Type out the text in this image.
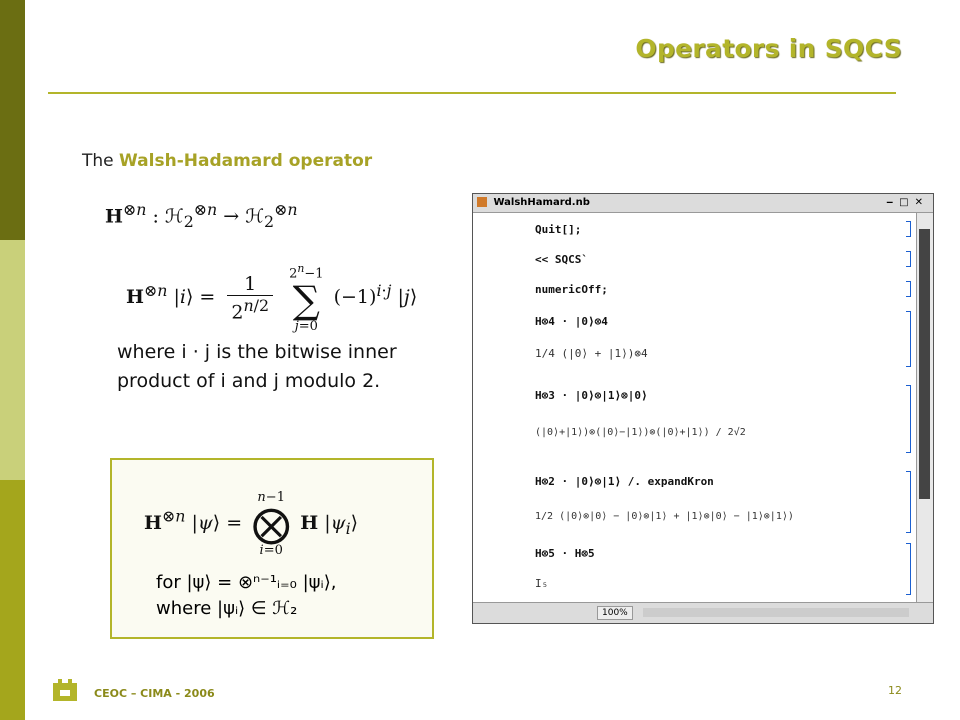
Operators in SQCS
The Walsh-Hadamard operator
$H^{\otimes n}$ : ℋ$_2^{\otimes n}$ → ℋ$_2^{\otimes n}$
$H^{\otimes n}$ |i⟩ = $\frac{1}{2^{n/2}}$
$2^n-1$
∑
j=0
$(-1)^{i\cdot j}$ |j⟩
where i · j is the bitwise inner
product of i and j modulo 2.
$H^{\otimes n}$ |ψ⟩ =
n−1
⨂
i=0
H $|\psi_i⟩$
for |ψ⟩ = ⊗ⁿ⁻¹ᵢ₌₀ |ψᵢ⟩,
where |ψᵢ⟩ ∈ ℋ₂
WalshHamard.nb	‒□✕
Quit[];
<< SQCS`
numericOff;
H⊗4 · |0⟩⊗4
1/4 (|0⟩ + |1⟩)⊗4
H⊗3 · |0⟩⊗|1⟩⊗|0⟩
(|0⟩+|1⟩)⊗(|0⟩−|1⟩)⊗(|0⟩+|1⟩) / 2√2
H⊗2 · |0⟩⊗|1⟩ /. expandKron
1/2 (|0⟩⊗|0⟩ − |0⟩⊗|1⟩ + |1⟩⊗|0⟩ − |1⟩⊗|1⟩)
H⊗5 · H⊗5
I₅
100%
CEOC – CIMA - 2006	12
